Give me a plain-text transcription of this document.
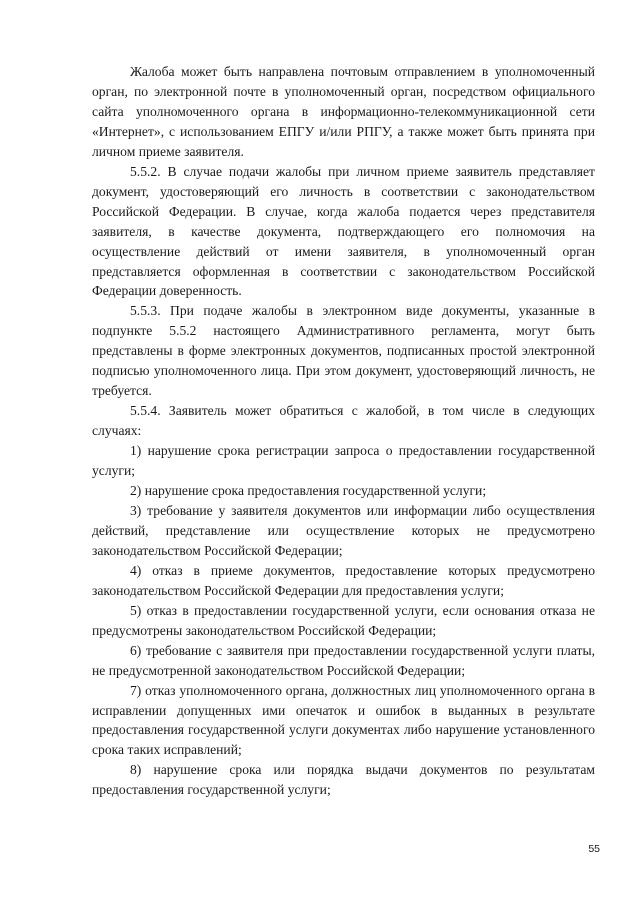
Жалоба может быть направлена почтовым отправлением в уполномоченный орган, по электронной почте в уполномоченный орган, посредством официального сайта уполномоченного органа в информационно-телекоммуникационной сети «Интернет», с использованием ЕПГУ и/или РПГУ, а также может быть принята при личном приеме заявителя.

5.5.2. В случае подачи жалобы при личном приеме заявитель представляет документ, удостоверяющий его личность в соответствии с законодательством Российской Федерации. В случае, когда жалоба подается через представителя заявителя, в качестве документа, подтверждающего его полномочия на осуществление действий от имени заявителя, в уполномоченный орган представляется оформленная в соответствии с законодательством Российской Федерации доверенность.

5.5.3. При подаче жалобы в электронном виде документы, указанные в подпункте 5.5.2 настоящего Административного регламента, могут быть представлены в форме электронных документов, подписанных простой электронной подписью уполномоченного лица. При этом документ, удостоверяющий личность, не требуется.

5.5.4. Заявитель может обратиться с жалобой, в том числе в следующих случаях:

1) нарушение срока регистрации запроса о предоставлении государственной услуги;

2) нарушение срока предоставления государственной услуги;

3) требование у заявителя документов или информации либо осуществления действий, представление или осуществление которых не предусмотрено законодательством Российской Федерации;

4) отказ в приеме документов, предоставление которых предусмотрено законодательством Российской Федерации для предоставления услуги;

5) отказ в предоставлении государственной услуги, если основания отказа не предусмотрены законодательством Российской Федерации;

6) требование с заявителя при предоставлении государственной услуги платы, не предусмотренной законодательством Российской Федерации;

7) отказ уполномоченного органа, должностных лиц уполномоченного органа в исправлении допущенных ими опечаток и ошибок в выданных в результате предоставления государственной услуги документах либо нарушение установленного срока таких исправлений;

8) нарушение срока или порядка выдачи документов по результатам предоставления государственной услуги;

55
